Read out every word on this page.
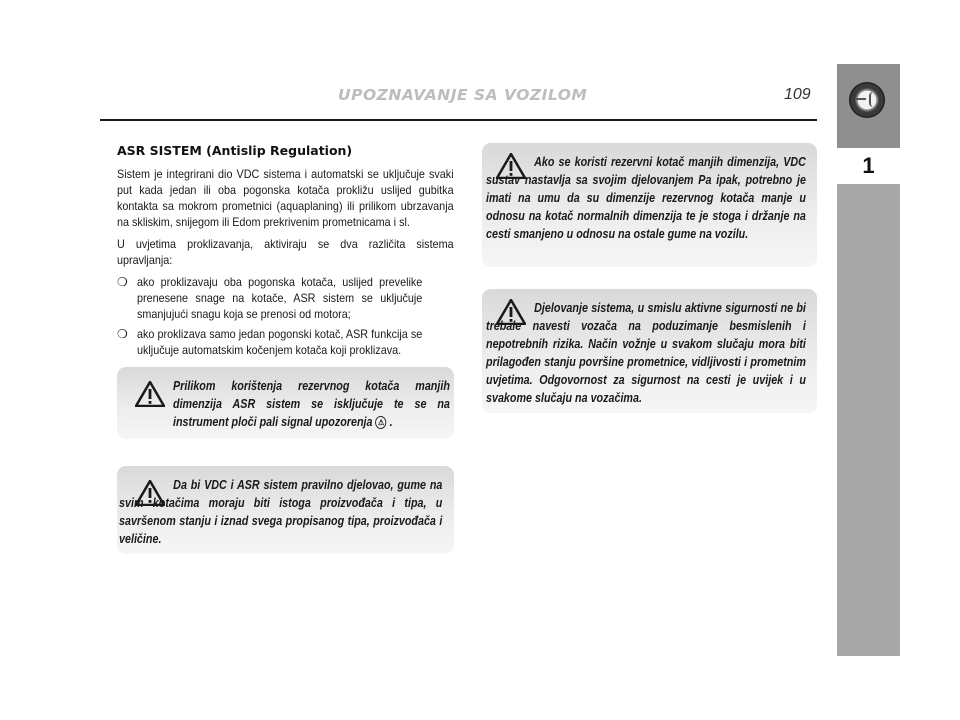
UPOZNAVANJE SA VOZILOM	109
1
ASR SISTEM (Antislip Regulation)
Sistem je integrirani dio VDC sistema i automatski se uključuje svaki put kada jedan ili oba pogonska kotača prokližu uslijed gubitka kontakta sa mokrom prometnici (aquaplaning) ili prilikom ubrzavanja na skliskim, snijegom ili Edom prekrivenim prometnicama i sl.
U uvjetima proklizavanja, aktiviraju se dva različita sistema upravljanja:
❍ ako proklizavaju oba pogonska kotača, uslijed prevelike prenesene snage na kotače, ASR sistem se uključuje smanjujući snagu koja se prenosi od motora;
❍ ako proklizava samo jedan pogonski kotač, ASR funkcija se uključuje automatskim kočenjem kotača koji proklizava.
Prilikom korištenja rezervnog kotača manjih dimenzija ASR sistem se isključuje te se na instrument ploči pali signal upozorenja ⚠ .
Da bi VDC i ASR sistem pravilno djelovao, gume na svim kotačima moraju biti istoga proizvođača i tipa, u savršenom stanju i iznad svega propisanog tipa, proizvođača i veličine.
Ako se koristi rezervni kotač manjih dimenzija, VDC sustav nastavlja sa svojim djelovanjem Pa ipak, potrebno je imati na umu da su dimenzije rezervnog kotača manje u odnosu na kotač normalnih dimenzija te je stoga i držanje na cesti smanjeno u odnosu na ostale gume na vozilu.
Djelovanje sistema, u smislu aktivne sigurnosti ne bi trebale navesti vozača na poduzimanje besmislenih i nepotrebnih rizika. Način vožnje u svakom slučaju mora biti prilagođen stanju površine prometnice, vidljivosti i prometnim uvjetima. Odgovornost za sigurnost na cesti je uvijek i u svakome slučaju na vozačima.
